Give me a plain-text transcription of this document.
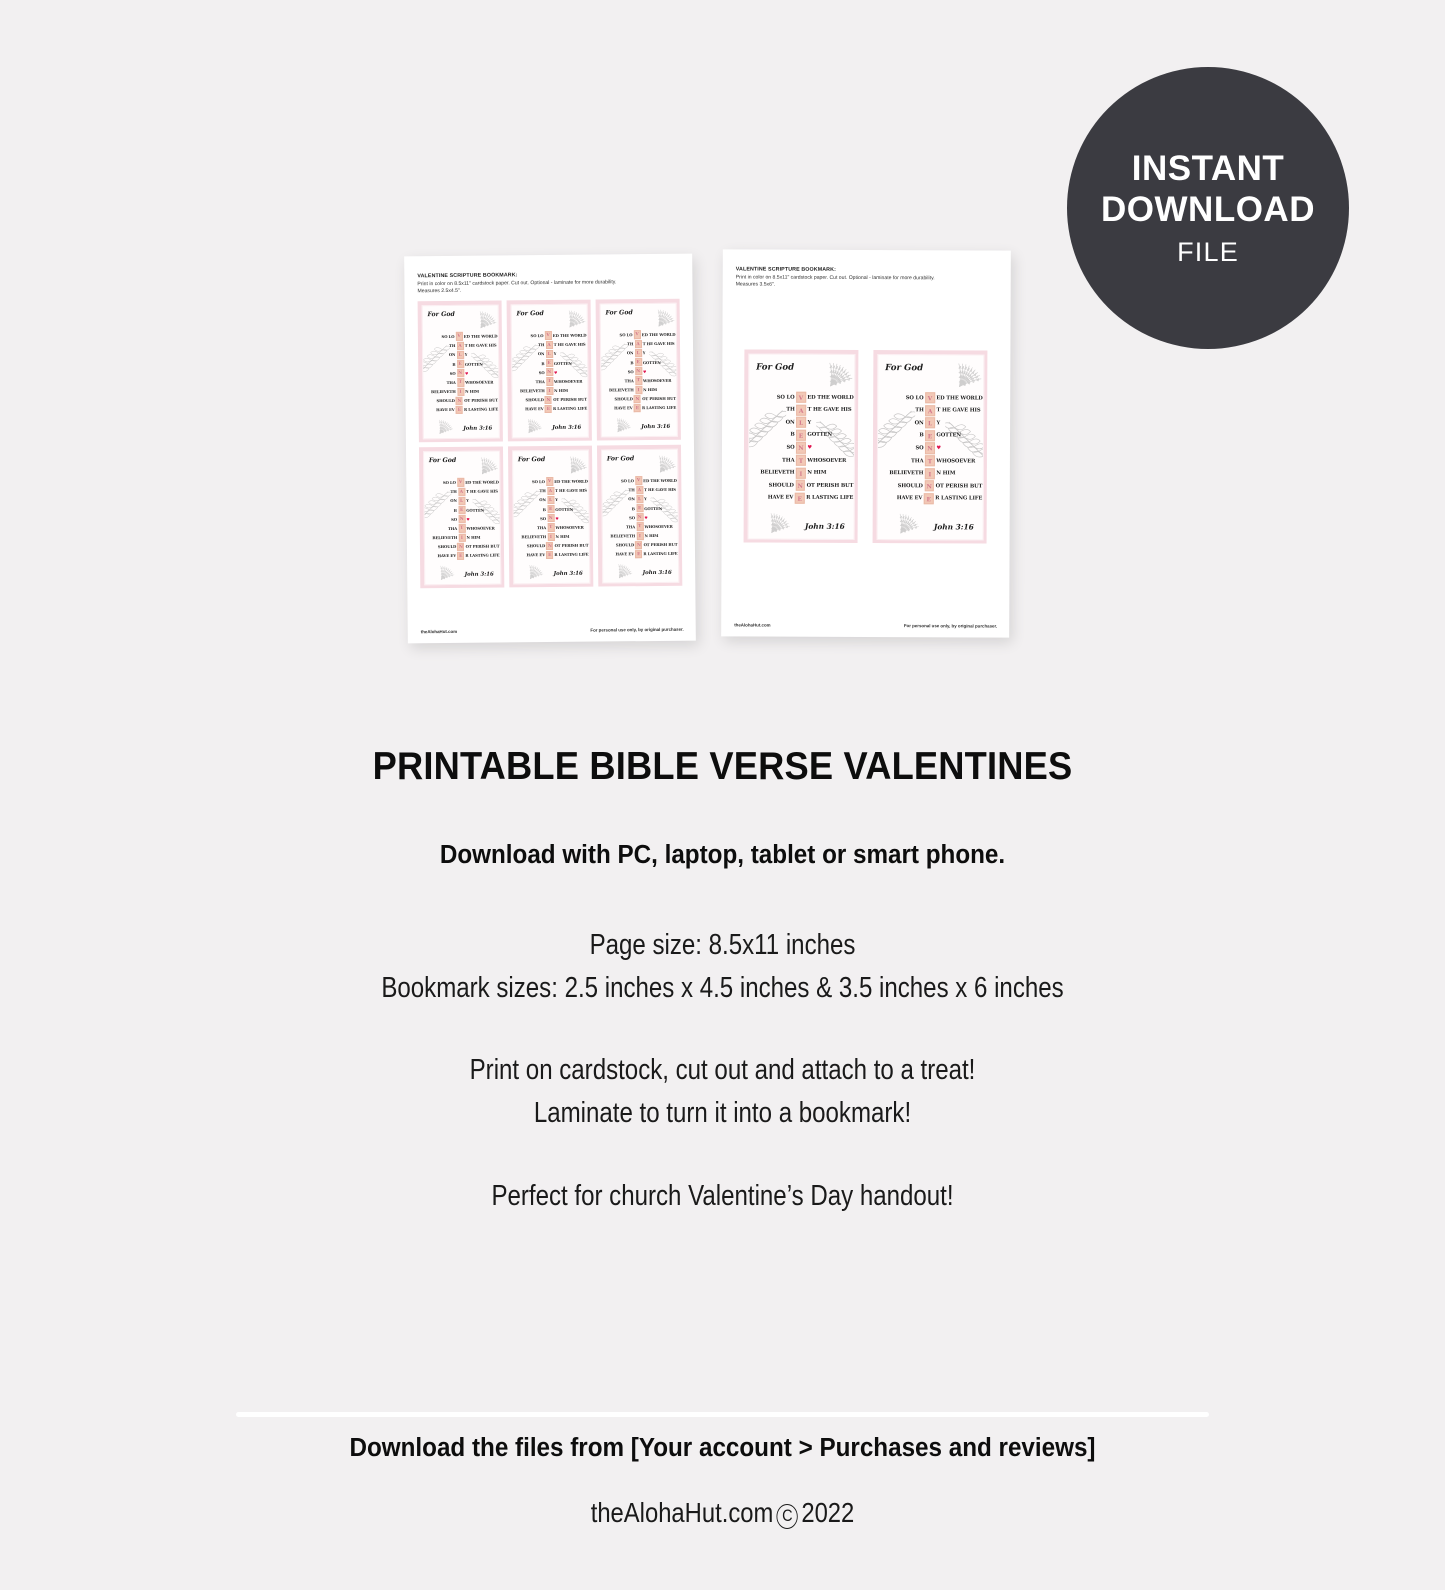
INSTANT
DOWNLOAD
FILE
VALENTINE SCRIPTURE BOOKMARK:
Print in color on 8.5x11" cardstock paper. Cut out. Optional - laminate for more durability.
Measures 2.5x4.5".
For God
SO LO V ED THE WORLD
TH A T HE GAVE HIS
ON L Y
B E GOTTEN
SO N ♥
THA T WHOSOEVER
BELIEVETH I N HIM
SHOULD N OT PERISH BUT
HAVE EV E R LASTING LIFE
John 3:16
For God
SO LO V ED THE WORLD
TH A T HE GAVE HIS
ON L Y
B E GOTTEN
SO N ♥
THA T WHOSOEVER
BELIEVETH I N HIM
SHOULD N OT PERISH BUT
HAVE EV E R LASTING LIFE
John 3:16
For God
SO LO V ED THE WORLD
TH A T HE GAVE HIS
ON L Y
B E GOTTEN
SO N ♥
THA T WHOSOEVER
BELIEVETH I N HIM
SHOULD N OT PERISH BUT
HAVE EV E R LASTING LIFE
John 3:16
For God
SO LO V ED THE WORLD
TH A T HE GAVE HIS
ON L Y
B E GOTTEN
SO N ♥
THA T WHOSOEVER
BELIEVETH I N HIM
SHOULD N OT PERISH BUT
HAVE EV E R LASTING LIFE
John 3:16
For God
SO LO V ED THE WORLD
TH A T HE GAVE HIS
ON L Y
B E GOTTEN
SO N ♥
THA T WHOSOEVER
BELIEVETH I N HIM
SHOULD N OT PERISH BUT
HAVE EV E R LASTING LIFE
John 3:16
For God
SO LO V ED THE WORLD
TH A T HE GAVE HIS
ON L Y
B E GOTTEN
SO N ♥
THA T WHOSOEVER
BELIEVETH I N HIM
SHOULD N OT PERISH BUT
HAVE EV E R LASTING LIFE
John 3:16
theAlohaHut.com	For personal use only, by original purchaser.
VALENTINE SCRIPTURE BOOKMARK:
Print in color on 8.5x11" cardstock paper. Cut out. Optional - laminate for more durability.
Measures 3.5x6".
For God
SO LO V ED THE WORLD
TH A T HE GAVE HIS
ON L Y
B E GOTTEN
SO N ♥
THA T WHOSOEVER
BELIEVETH I N HIM
SHOULD N OT PERISH BUT
HAVE EV E R LASTING LIFE
John 3:16
For God
SO LO V ED THE WORLD
TH A T HE GAVE HIS
ON L Y
B E GOTTEN
SO N ♥
THA T WHOSOEVER
BELIEVETH I N HIM
SHOULD N OT PERISH BUT
HAVE EV E R LASTING LIFE
John 3:16
theAlohaHut.com	For personal use only, by original purchaser.
PRINTABLE BIBLE VERSE VALENTINES
Download with PC, laptop, tablet or smart phone.
Page size: 8.5x11 inches
Bookmark sizes: 2.5 inches x 4.5 inches & 3.5 inches x 6 inches
Print on cardstock, cut out and attach to a treat!
Laminate to turn it into a bookmark!
Perfect for church Valentine’s Day handout!
Download the files from [Your account > Purchases and reviews]
theAlohaHut.com C 2022
